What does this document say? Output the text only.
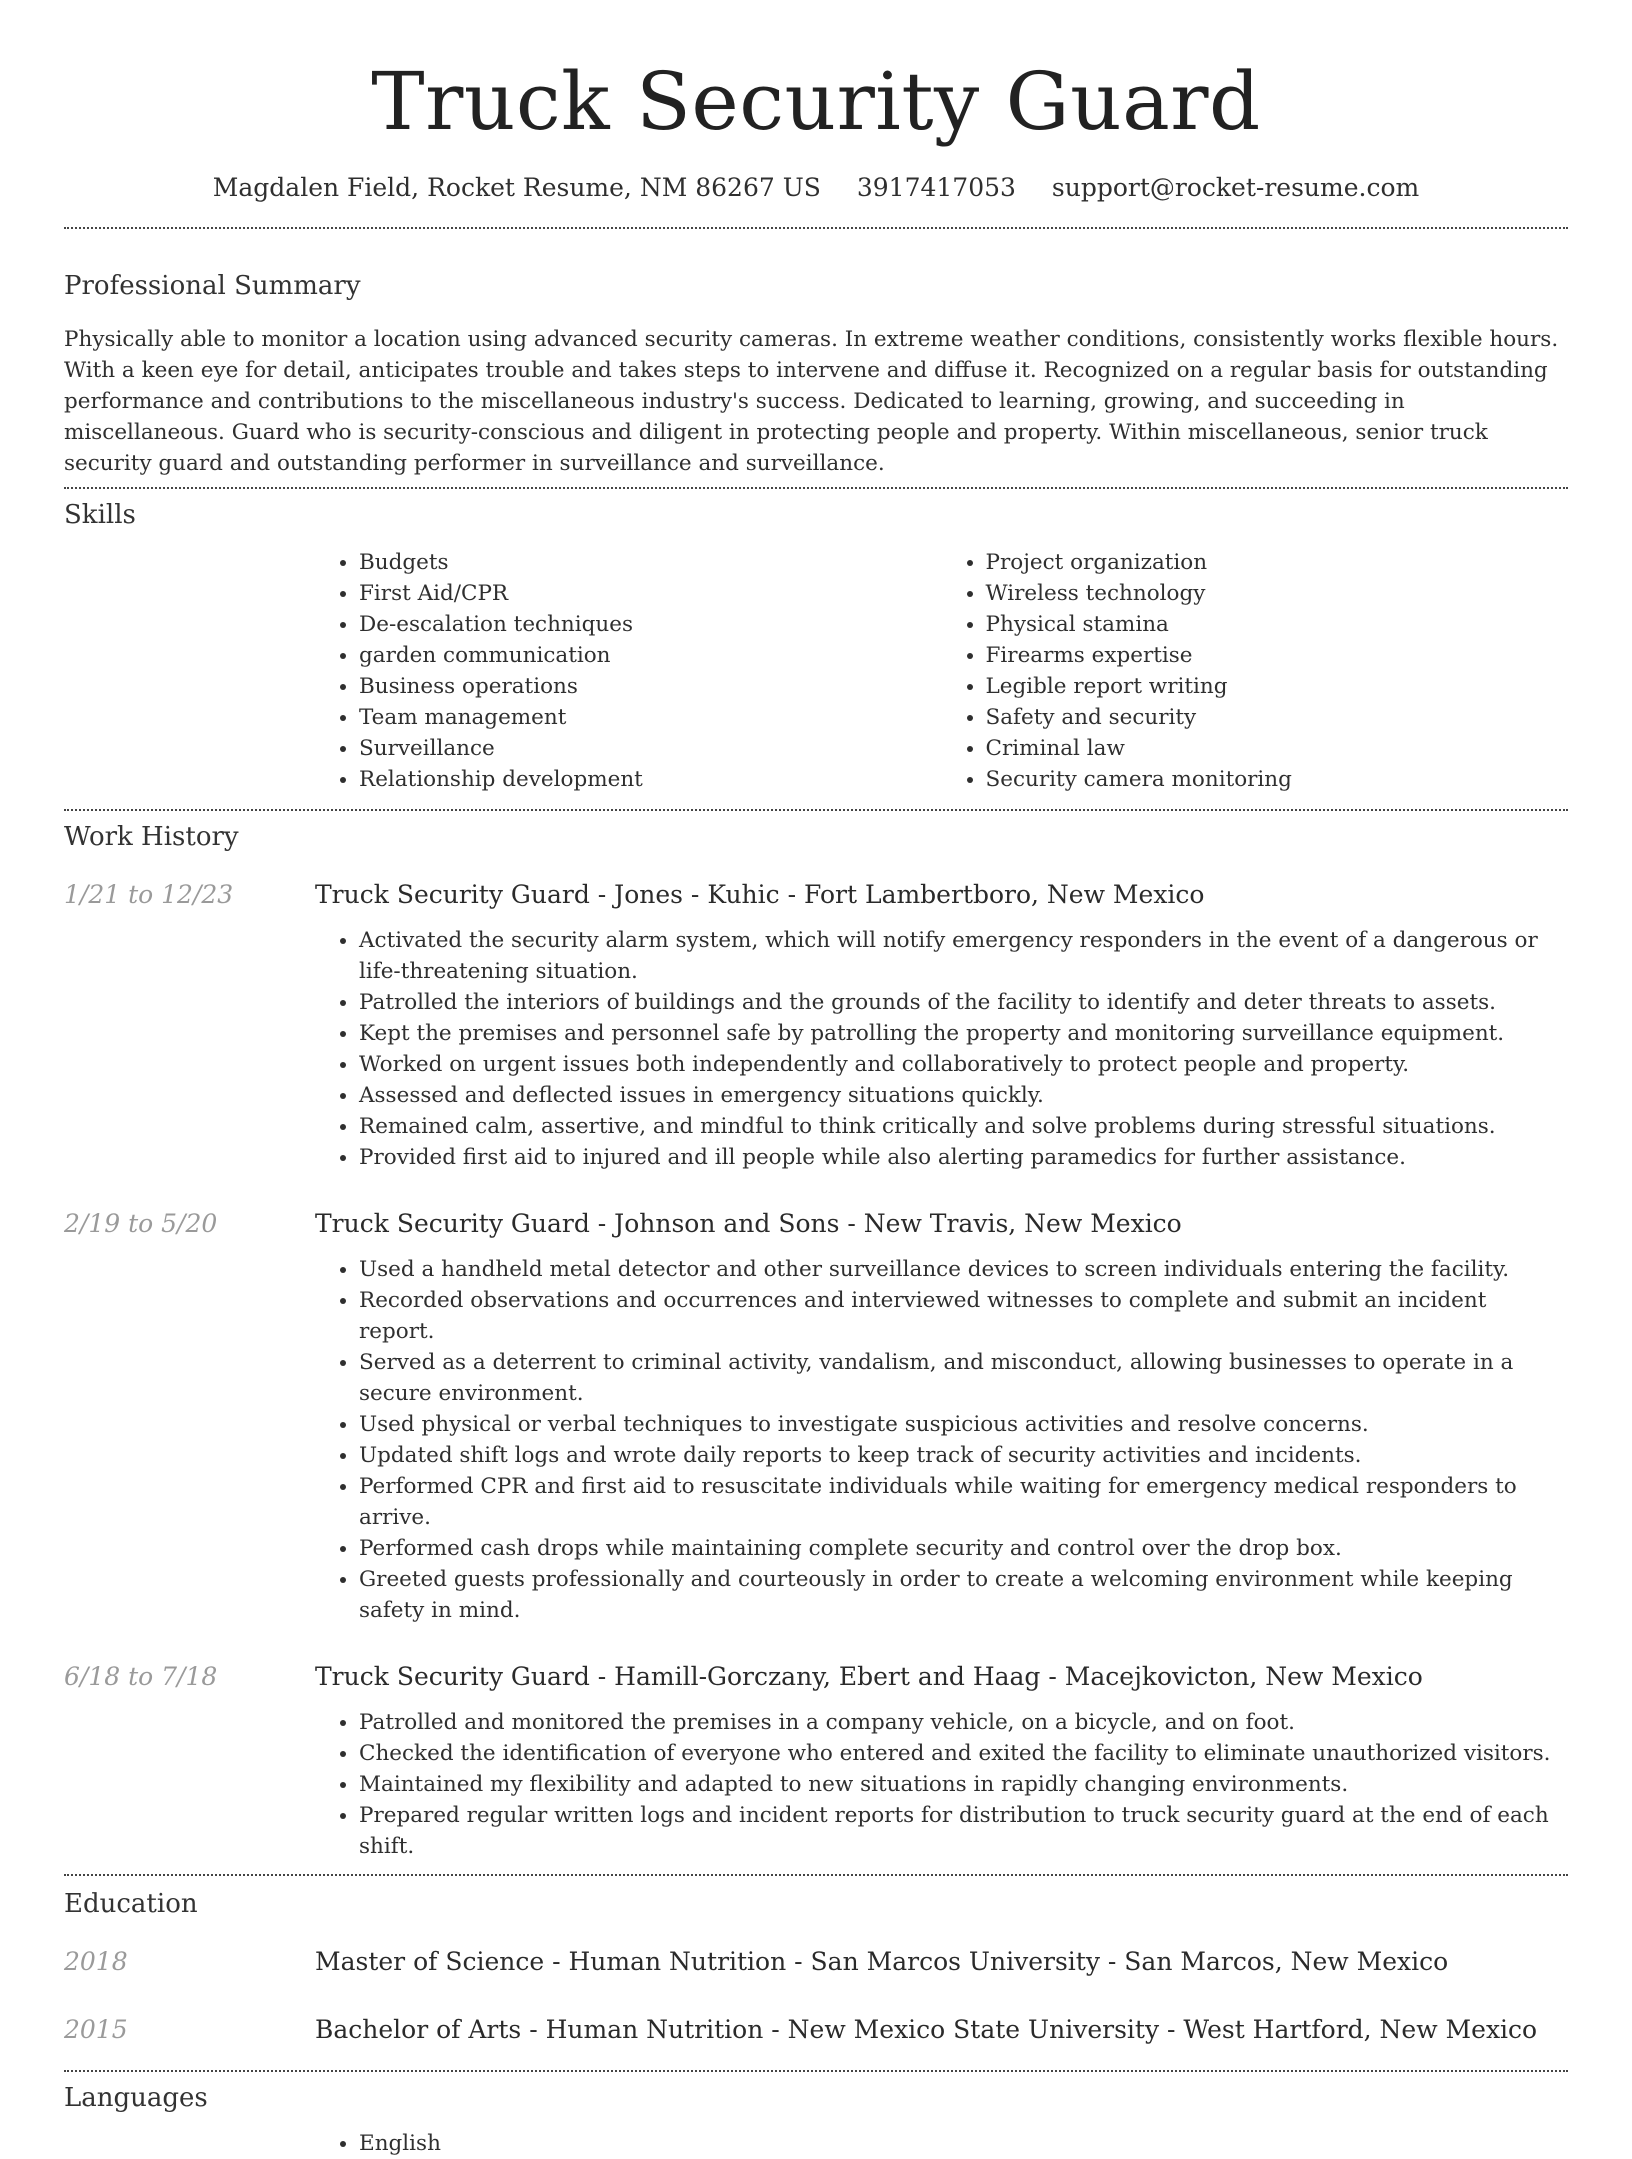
Truck Security Guard
Magdalen Field, Rocket Resume, NM 86267 US 3917417053 support@rocket-resume.com
Professional Summary

Physically able to monitor a location using advanced security cameras. In extreme weather conditions, consistently works flexible hours. With a keen eye for detail, anticipates trouble and takes steps to intervene and diffuse it. Recognized on a regular basis for outstanding performance and contributions to the miscellaneous industry's success. Dedicated to learning, growing, and succeeding in miscellaneous. Guard who is security-conscious and diligent in protecting people and property. Within miscellaneous, senior truck security guard and outstanding performer in surveillance and surveillance.

Skills
• Budgets
• First Aid/CPR
• De-escalation techniques
• garden communication
• Business operations
• Team management
• Surveillance
• Relationship development
• Project organization
• Wireless technology
• Physical stamina
• Firearms expertise
• Legible report writing
• Safety and security
• Criminal law
• Security camera monitoring
Work History
1/21 to 12/23	Truck Security Guard - Jones - Kuhic - Fort Lambertboro, New Mexico
• Activated the security alarm system, which will notify emergency responders in the event of a dangerous or life-threatening situation.
• Patrolled the interiors of buildings and the grounds of the facility to identify and deter threats to assets.
• Kept the premises and personnel safe by patrolling the property and monitoring surveillance equipment.
• Worked on urgent issues both independently and collaboratively to protect people and property.
• Assessed and deflected issues in emergency situations quickly.
• Remained calm, assertive, and mindful to think critically and solve problems during stressful situations.
• Provided first aid to injured and ill people while also alerting paramedics for further assistance.
2/19 to 5/20	Truck Security Guard - Johnson and Sons - New Travis, New Mexico
• Used a handheld metal detector and other surveillance devices to screen individuals entering the facility.
• Recorded observations and occurrences and interviewed witnesses to complete and submit an incident report.
• Served as a deterrent to criminal activity, vandalism, and misconduct, allowing businesses to operate in a secure environment.
• Used physical or verbal techniques to investigate suspicious activities and resolve concerns.
• Updated shift logs and wrote daily reports to keep track of security activities and incidents.
• Performed CPR and first aid to resuscitate individuals while waiting for emergency medical responders to arrive.
• Performed cash drops while maintaining complete security and control over the drop box.
• Greeted guests professionally and courteously in order to create a welcoming environment while keeping safety in mind.
6/18 to 7/18	Truck Security Guard - Hamill-Gorczany, Ebert and Haag - Macejkovicton, New Mexico
• Patrolled and monitored the premises in a company vehicle, on a bicycle, and on foot.
• Checked the identification of everyone who entered and exited the facility to eliminate unauthorized visitors.
• Maintained my flexibility and adapted to new situations in rapidly changing environments.
• Prepared regular written logs and incident reports for distribution to truck security guard at the end of each shift.
Education
2018	Master of Science - Human Nutrition - San Marcos University - San Marcos, New Mexico
2015	Bachelor of Arts - Human Nutrition - New Mexico State University - West Hartford, New Mexico
Languages
• English
